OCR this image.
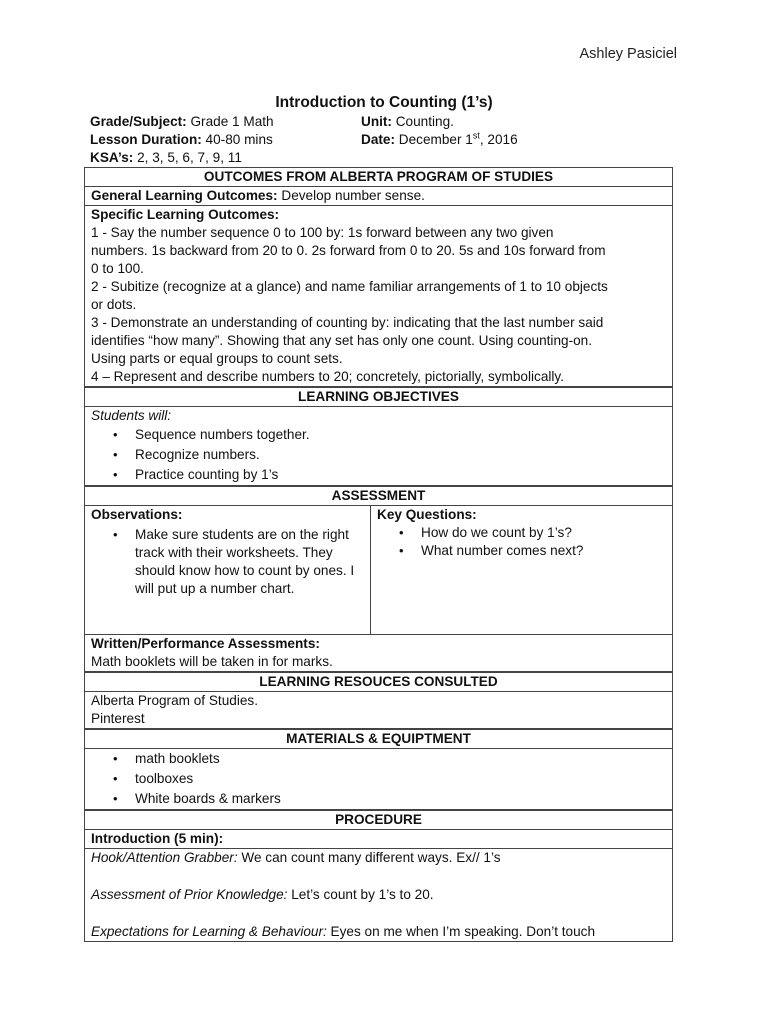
Ashley Pasiciel
Introduction to Counting (1’s)
Grade/Subject: Grade 1 Math	Unit: Counting.
Lesson Duration: 40-80 mins	Date: December 1st, 2016
KSA’s: 2, 3, 5, 6, 7, 9, 11
OUTCOMES FROM ALBERTA PROGRAM OF STUDIES
General Learning Outcomes: Develop number sense.
Specific Learning Outcomes:
1 - Say the number sequence 0 to 100 by: 1s forward between any two given
numbers. 1s backward from 20 to 0. 2s forward from 0 to 20. 5s and 10s forward from
0 to 100.
2 - Subitize (recognize at a glance) and name familiar arrangements of 1 to 10 objects
or dots.
3 - Demonstrate an understanding of counting by: indicating that the last number said
identifies “how many”. Showing that any set has only one count. Using counting-on.
Using parts or equal groups to count sets.
4 – Represent and describe numbers to 20; concretely, pictorially, symbolically.
LEARNING OBJECTIVES
Students will:
• Sequence numbers together.
• Recognize numbers.
• Practice counting by 1’s
ASSESSMENT
Observations:
• Make sure students are on the right track with their worksheets. They should know how to count by ones. I will put up a number chart.
Key Questions:
• How do we count by 1’s?
• What number comes next?
Written/Performance Assessments:
Math booklets will be taken in for marks.
LEARNING RESOUCES CONSULTED
Alberta Program of Studies.
Pinterest
MATERIALS & EQUIPTMENT
• math booklets
• toolboxes
• White boards & markers
PROCEDURE
Introduction (5 min):
Hook/Attention Grabber: We can count many different ways. Ex// 1’s
Assessment of Prior Knowledge: Let’s count by 1’s to 20.
Expectations for Learning & Behaviour: Eyes on me when I’m speaking. Don’t touch
